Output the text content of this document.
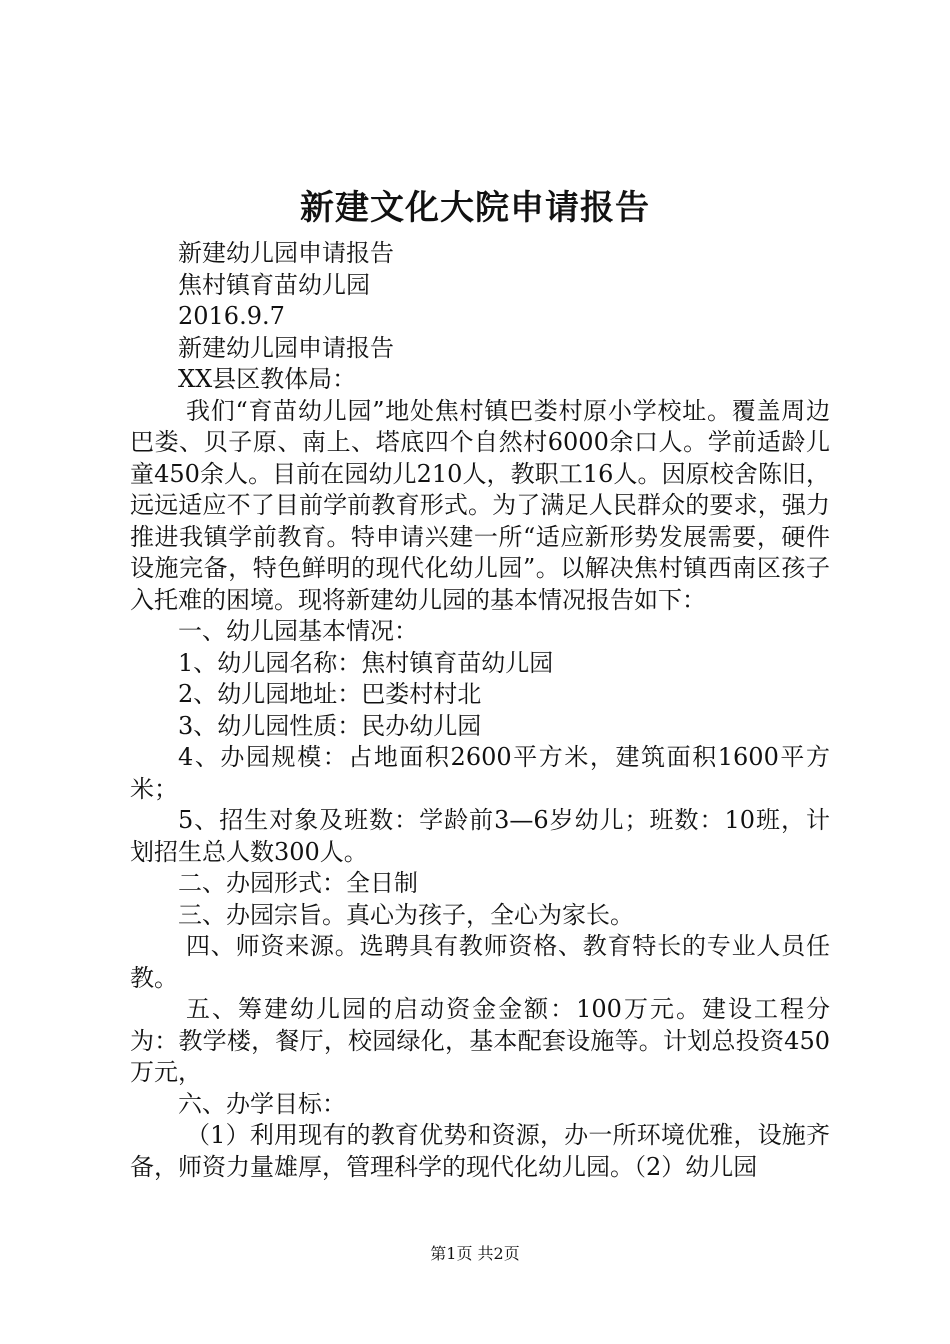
新建文化大院申请报告

新建幼儿园申请报告

焦村镇育苗幼儿园

2016.9.7

新建幼儿园申请报告

XX县区教体局：

我们“育苗幼儿园”地处焦村镇巴娄村原小学校址。覆盖周边巴娄、贝子原、南上、塔底四个自然村6000余口人。学前适龄儿童450余人。目前在园幼儿210人，教职工16人。因原校舍陈旧，远远适应不了目前学前教育形式。为了满足人民群众的要求，强力推进我镇学前教育。特申请兴建一所“适应新形势发展需要，硬件设施完备，特色鲜明的现代化幼儿园”。以解决焦村镇西南区孩子入托难的困境。现将新建幼儿园的基本情况报告如下：

一、幼儿园基本情况：

1、幼儿园名称：焦村镇育苗幼儿园

2、幼儿园地址：巴娄村村北

3、幼儿园性质：民办幼儿园

4、办园规模：占地面积2600平方米，建筑面积1600平方米；

5、招生对象及班数：学龄前3—6岁幼儿；班数：10班，计划招生总人数300人。

二、办园形式：全日制

三、办园宗旨。真心为孩子，全心为家长。

四、师资来源。选聘具有教师资格、教育特长的专业人员任教。

五、筹建幼儿园的启动资金金额：100万元。建设工程分为：教学楼，餐厅，校园绿化，基本配套设施等。计划总投资450万元，

六、办学目标：

（1）利用现有的教育优势和资源，办一所环境优雅，设施齐备，师资力量雄厚，管理科学的现代化幼儿园。（2）幼儿园

第1页 共2页
